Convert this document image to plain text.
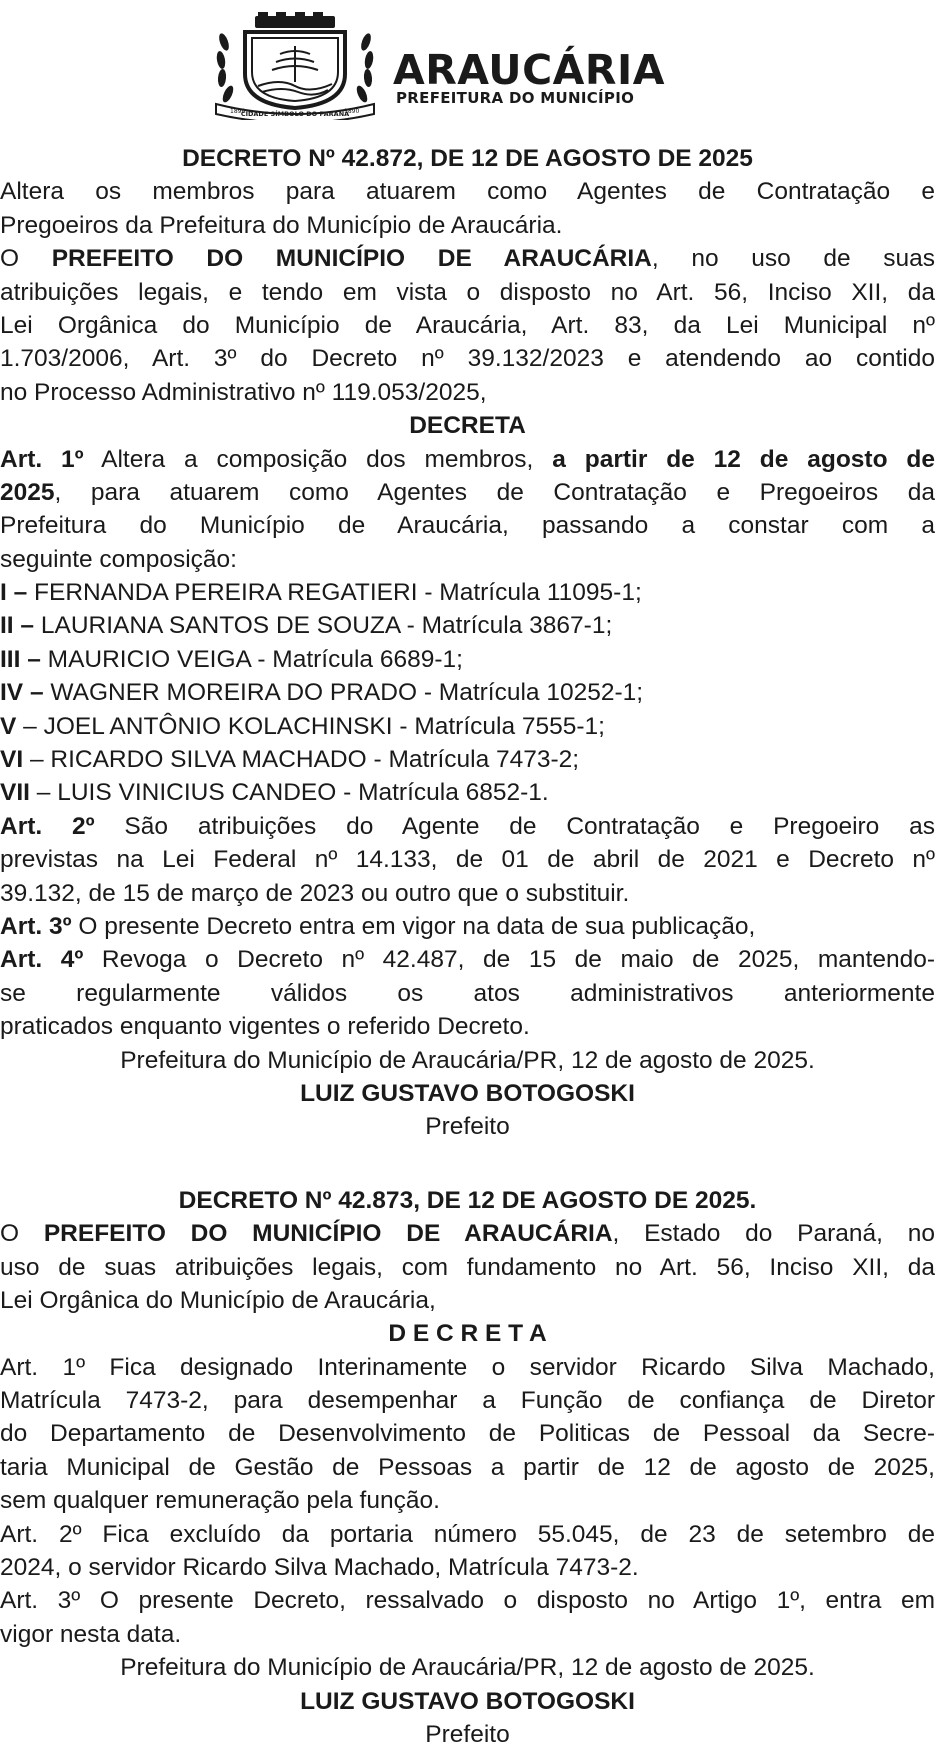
1890
CIDADE SÍMBOLO DO PARANÁ
1890
ARAUCÁRIA
PREFEITURA DO MUNICÍPIO
DECRETO Nº 42.872, DE 12 DE AGOSTO DE 2025
Altera os membros para atuarem como Agentes de Contratação e
Pregoeiros da Prefeitura do Município de Araucária.
O PREFEITO DO MUNICÍPIO DE ARAUCÁRIA, no uso de suas
atribuições legais, e tendo em vista o disposto no Art. 56, Inciso XII, da
Lei Orgânica do Município de Araucária, Art. 83, da Lei Municipal nº
1.703/2006, Art. 3º do Decreto nº 39.132/2023 e atendendo ao contido
no Processo Administrativo nº 119.053/2025,
DECRETA
Art. 1º Altera a composição dos membros, a partir de 12 de agosto de
2025, para atuarem como Agentes de Contratação e Pregoeiros da
Prefeitura do Município de Araucária, passando a constar com a
seguinte composição:
I – FERNANDA PEREIRA REGATIERI - Matrícula 11095-1;
II – LAURIANA SANTOS DE SOUZA - Matrícula 3867-1;
III – MAURICIO VEIGA - Matrícula 6689-1;
IV – WAGNER MOREIRA DO PRADO - Matrícula 10252-1;
V – JOEL ANTÔNIO KOLACHINSKI - Matrícula 7555-1;
VI – RICARDO SILVA MACHADO - Matrícula 7473-2;
VII – LUIS VINICIUS CANDEO - Matrícula 6852-1.
Art. 2º São atribuições do Agente de Contratação e Pregoeiro as
previstas na Lei Federal nº 14.133, de 01 de abril de 2021 e Decreto nº
39.132, de 15 de março de 2023 ou outro que o substituir.
Art. 3º O presente Decreto entra em vigor na data de sua publicação,
Art. 4º Revoga o Decreto nº 42.487, de 15 de maio de 2025, mantendo-
se regularmente válidos os atos administrativos anteriormente
praticados enquanto vigentes o referido Decreto.
Prefeitura do Município de Araucária/PR, 12 de agosto de 2025.
LUIZ GUSTAVO BOTOGOSKI
Prefeito
DECRETO Nº 42.873, DE 12 DE AGOSTO DE 2025.
O PREFEITO DO MUNICÍPIO DE ARAUCÁRIA, Estado do Paraná, no
uso de suas atribuições legais, com fundamento no Art. 56, Inciso XII, da
Lei Orgânica do Município de Araucária,
D E C R E T A
Art. 1º Fica designado Interinamente o servidor Ricardo Silva Machado,
Matrícula 7473-2, para desempenhar a Função de confiança de Diretor
do Departamento de Desenvolvimento de Politicas de Pessoal da Secre-
taria Municipal de Gestão de Pessoas a partir de 12 de agosto de 2025,
sem qualquer remuneração pela função.
Art. 2º Fica excluído da portaria número 55.045, de 23 de setembro de
2024, o servidor Ricardo Silva Machado, Matrícula 7473-2.
Art. 3º O presente Decreto, ressalvado o disposto no Artigo 1º, entra em
vigor nesta data.
Prefeitura do Município de Araucária/PR, 12 de agosto de 2025.
LUIZ GUSTAVO BOTOGOSKI
Prefeito
